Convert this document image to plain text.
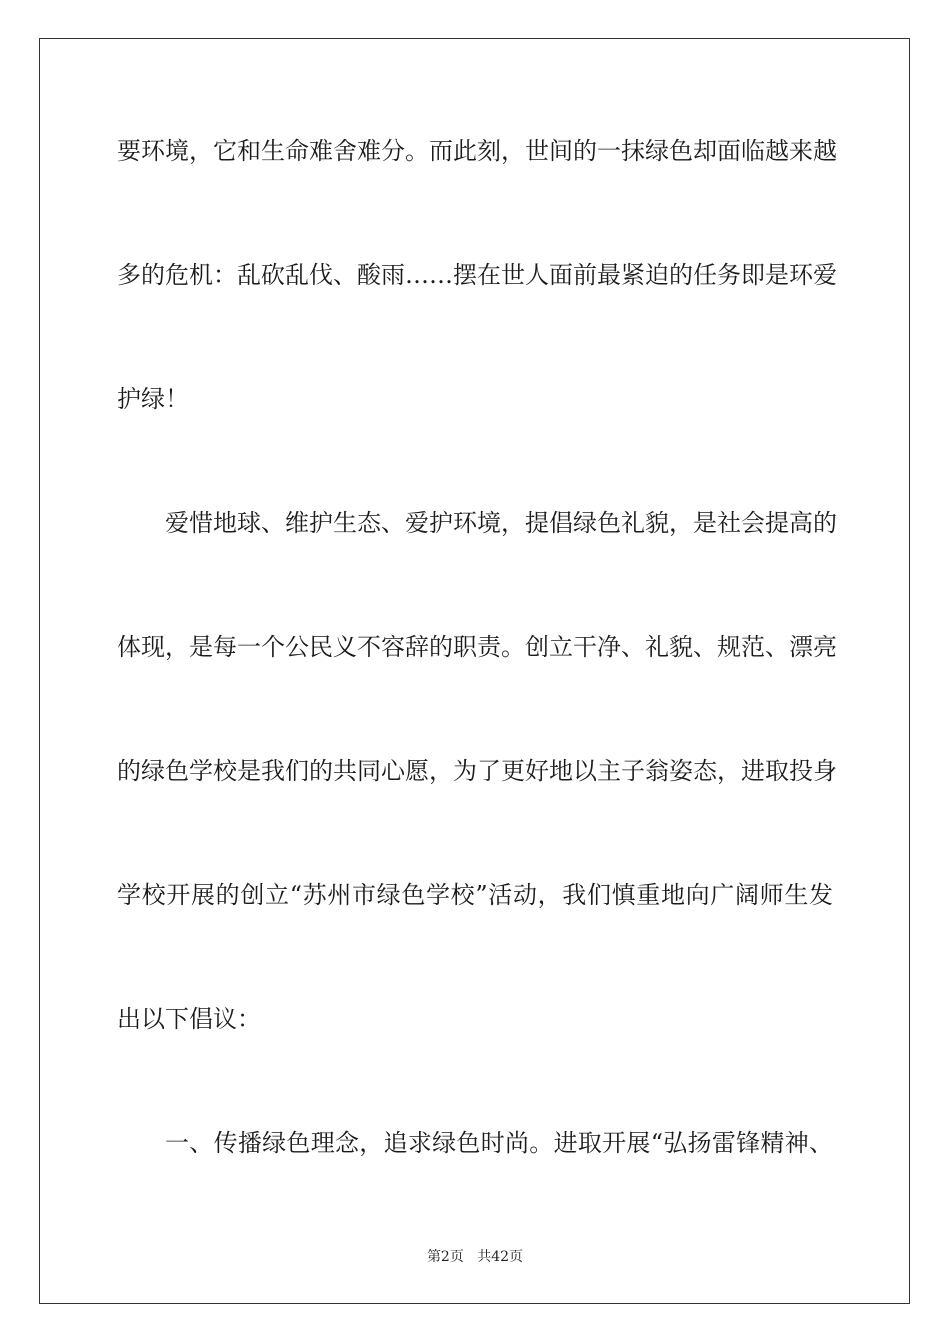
要环境，它和生命难舍难分。而此刻，世间的一抹绿色却面临越来越
多的危机：乱砍乱伐、酸雨……摆在世人面前最紧迫的任务即是环爱
护绿！
爱惜地球、维护生态、爱护环境，提倡绿色礼貌，是社会提高的
体现，是每一个公民义不容辞的职责。创立干净、礼貌、规范、漂亮
的绿色学校是我们的共同心愿，为了更好地以主子翁姿态，进取投身
学校开展的创立“苏州市绿色学校”活动，我们慎重地向广阔师生发
出以下倡议：
一、传播绿色理念，追求绿色时尚。进取开展“弘扬雷锋精神、
第2页 共42页
